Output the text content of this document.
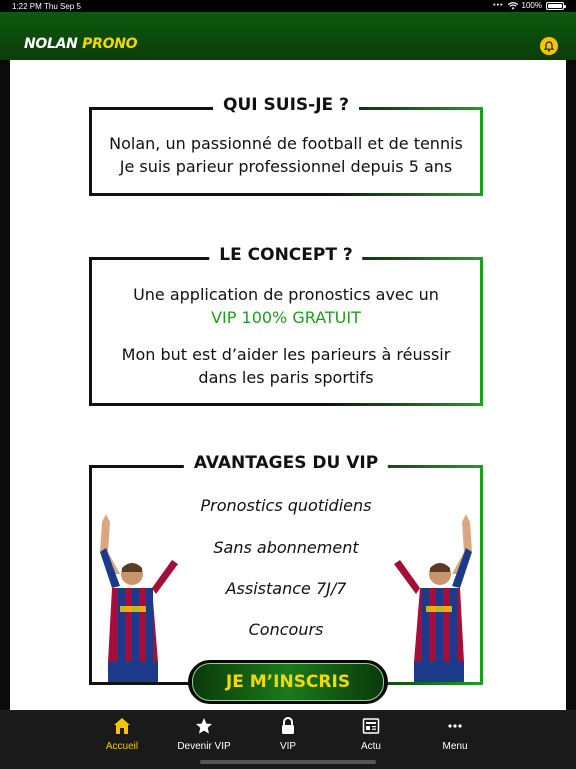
1:22 PM Thu Sep 5	••• 100%
NOLAN PRONO
QUI SUIS-JE ?
Nolan, un passionné de football et de tennis
Je suis parieur professionnel depuis 5 ans
LE CONCEPT ?
Une application de pronostics avec un
VIP 100% GRATUIT
Mon but est d’aider les parieurs à réussir
dans les paris sportifs
AVANTAGES DU VIP
Pronostics quotidiens
Sans abonnement
Assistance 7J/7
Concours
JE M’INSCRIS
Accueil	Devenir VIP	VIP	Actu	Menu
